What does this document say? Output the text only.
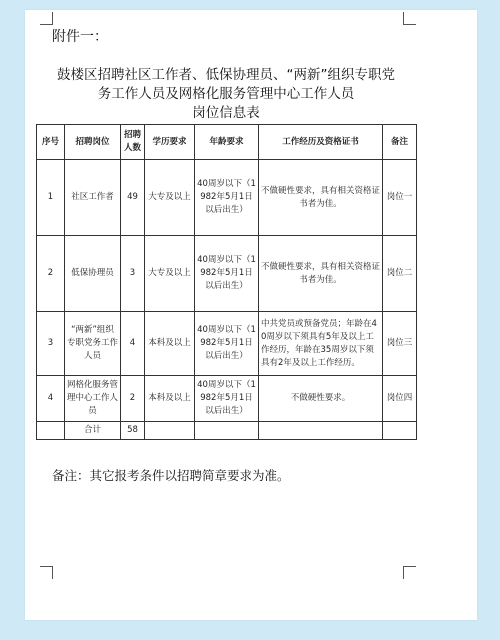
附件一：
鼓楼区招聘社区工作者、低保协理员、“两新”组织专职党
务工作人员及网格化服务管理中心工作人员
岗位信息表
序号	招聘岗位	招聘人数	学历要求	年龄要求	工作经历及资格证书	备注
1	社区工作者	49	大专及以上	40周岁以下（1982年5月1日以后出生）	不做硬性要求，具有相关资格证书者为佳。	岗位一
2	低保协理员	3	大专及以上	40周岁以下（1982年5月1日以后出生）	不做硬性要求，具有相关资格证书者为佳。	岗位二
3	“两新”组织专职党务工作人员	4	本科及以上	40周岁以下（1982年5月1日以后出生）	中共党员或预备党员；年龄在40周岁以下须具有5年及以上工作经历，年龄在35周岁以下须具有2年及以上工作经历。	岗位三
4	网格化服务管理中心工作人员	2	本科及以上	40周岁以下（1982年5月1日以后出生）	不做硬性要求。	岗位四
	合计	58				
备注：其它报考条件以招聘简章要求为准。
